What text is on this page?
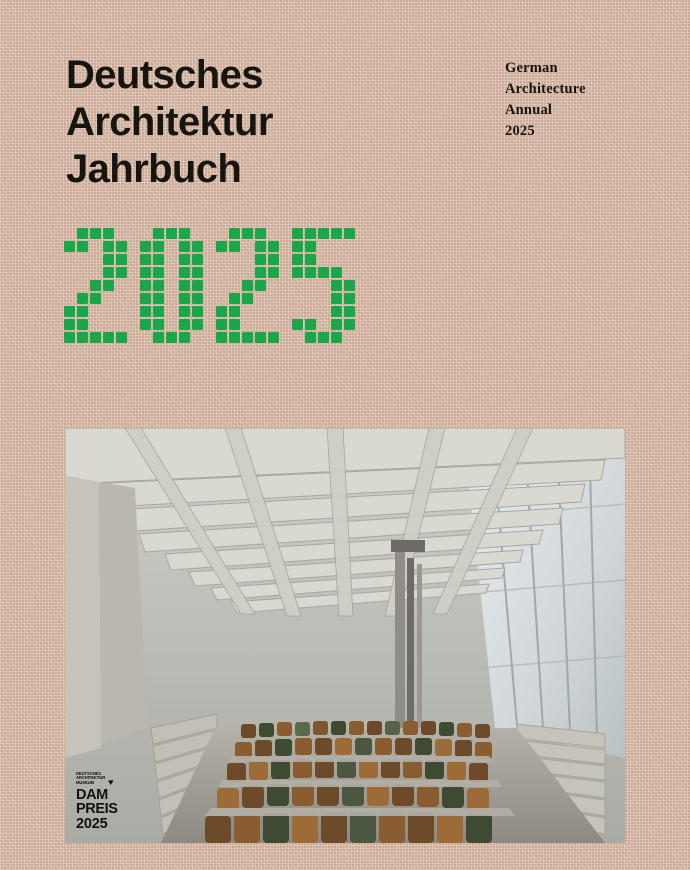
Deutsches
Architektur
Jahrbuch
German
Architecture
Annual
2025
DEUTSCHES
ARCHITEKTUR
MUSEUM	♥
DAM
PREIS
2025
